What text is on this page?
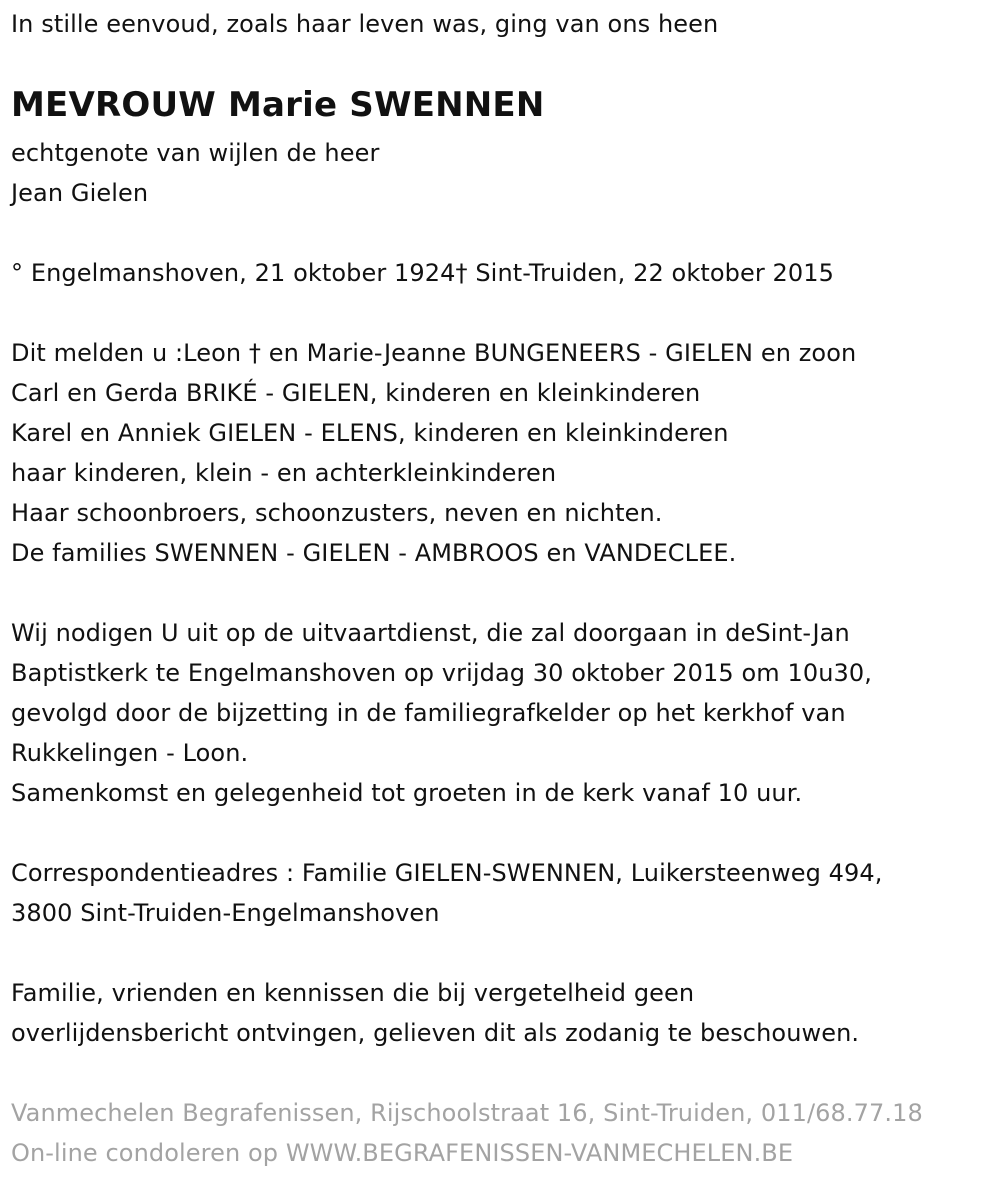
In stille eenvoud, zoals haar leven was, ging van ons heen
MEVROUW Marie SWENNEN
echtgenote van wijlen de heer
Jean Gielen
° Engelmanshoven, 21 oktober 1924† Sint-Truiden, 22 oktober 2015
Dit melden u :Leon † en Marie-Jeanne BUNGENEERS - GIELEN en zoon
Carl en Gerda BRIKÉ - GIELEN, kinderen en kleinkinderen
Karel en Anniek GIELEN - ELENS, kinderen en kleinkinderen
haar kinderen, klein - en achterkleinkinderen
Haar schoonbroers, schoonzusters, neven en nichten.
De families SWENNEN - GIELEN - AMBROOS en VANDECLEE.
Wij nodigen U uit op de uitvaartdienst, die zal doorgaan in deSint-Jan
Baptistkerk te Engelmanshoven op vrijdag 30 oktober 2015 om 10u30,
gevolgd door de bijzetting in de familiegrafkelder op het kerkhof van
Rukkelingen - Loon.
Samenkomst en gelegenheid tot groeten in de kerk vanaf 10 uur.
Correspondentieadres : Familie GIELEN-SWENNEN, Luikersteenweg 494,
3800 Sint-Truiden-Engelmanshoven
Familie, vrienden en kennissen die bij vergetelheid geen
overlijdensbericht ontvingen, gelieven dit als zodanig te beschouwen.
Vanmechelen Begrafenissen, Rijschoolstraat 16, Sint-Truiden, 011/68.77.18
On-line condoleren op WWW.BEGRAFENISSEN-VANMECHELEN.BE
